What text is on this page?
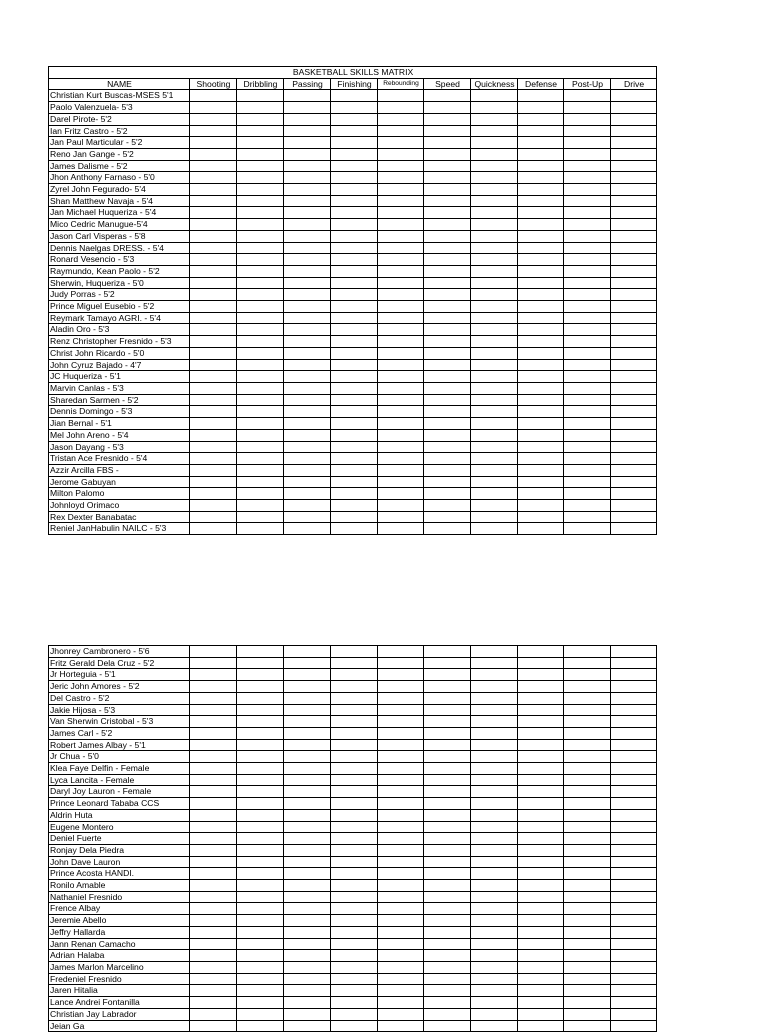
BASKETBALL SKILLS MATRIX										
NAME	Shooting	Dribbling	Passing	Finishing	Rebounding	Speed	Quickness	Defense	Post-Up	Drive
Christian Kurt Buscas-MSES 5'1										
Paolo Valenzuela- 5'3										
Darel Pirote- 5'2										
Ian Fritz Castro - 5'2										
Jan Paul Marticular - 5'2										
Reno Jan Gange - 5'2										
James Dalisme - 5'2										
Jhon Anthony Farnaso - 5'0										
Zyrel John Fegurado- 5'4										
Shan Matthew Navaja - 5'4										
Jan Michael Huqueriza - 5'4										
Mico Cedric Manugue-5'4										
Jason Carl Visperas - 5'8										
Dennis Naelgas DRESS. - 5'4										
Ronard Vesencio - 5'3										
Raymundo, Kean Paolo - 5'2										
Sherwin, Huqueriza - 5'0										
Judy Porras - 5'2										
Prince Miguel Eusebio - 5'2										
Reymark Tamayo AGRI. - 5'4										
Aladin Oro - 5'3										
Renz Christopher Fresnido - 5'3										
Christ John Ricardo - 5'0										
John Cyruz Bajado - 4'7										
JC Huqueriza - 5'1										
Marvin Canlas - 5'3										
Sharedan Sarmen - 5'2										
Dennis Domingo - 5'3										
Jian Bernal - 5'1										
Mel John Areno - 5'4										
Jason Dayang - 5'3										
Tristan Ace Fresnido - 5'4										
Azzir Arcilla FBS -										
Jerome Gabuyan										
Milton Palomo										
Johnloyd Orimaco										
Rex Dexter Banabatac										
Reniel JanHabulin NAILC - 5'3										
Jhonrey Cambronero - 5'6										
Fritz Gerald Dela Cruz - 5'2										
Jr Horteguia - 5'1										
Jeric John Amores - 5'2										
Del Castro - 5'2										
Jakie Hijosa - 5'3										
Van Sherwin Cristobal - 5'3										
James Carl - 5'2										
Robert James Albay - 5'1										
Jr Chua - 5'0										
Klea Faye Delfin - Female										
Lyca Lancita - Female										
Daryl Joy Lauron - Female										
Prince Leonard Tababa CCS										
Aldrin Huta										
Eugene Montero										
Deniel Fuerte										
Ronjay Dela Piedra										
John Dave Lauron										
Prince Acosta HANDI.										
Ronilo Amable										
Nathaniel Fresnido										
Frence Albay										
Jeremie Abello										
Jeffry Hallarda										
Jann Renan Camacho										
Adrian Halaba										
James Marlon Marcelino										
Fredeniel Fresnido										
Jaren Hitalia										
Lance Andrei Fontanilla										
Christian Jay Labrador										
Jeian Ga										
